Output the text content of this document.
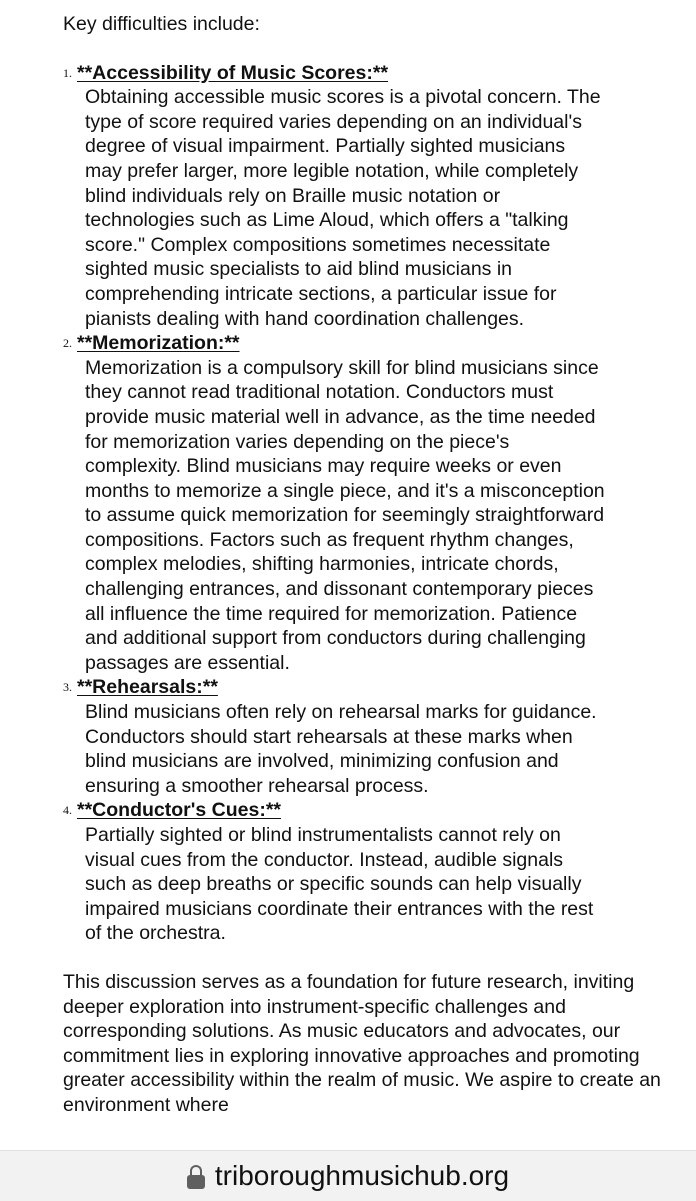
Key difficulties include:

1. **Accessibility of Music Scores:**
Obtaining accessible music scores is a pivotal concern. The type of score required varies depending on an individual's degree of visual impairment. Partially sighted musicians may prefer larger, more legible notation, while completely blind individuals rely on Braille music notation or technologies such as Lime Aloud, which offers a "talking score." Complex compositions sometimes necessitate sighted music specialists to aid blind musicians in comprehending intricate sections, a particular issue for pianists dealing with hand coordination challenges.
2. **Memorization:**
Memorization is a compulsory skill for blind musicians since they cannot read traditional notation. Conductors must provide music material well in advance, as the time needed for memorization varies depending on the piece's complexity. Blind musicians may require weeks or even months to memorize a single piece, and it's a misconception to assume quick memorization for seemingly straightforward compositions. Factors such as frequent rhythm changes, complex melodies, shifting harmonies, intricate chords, challenging entrances, and dissonant contemporary pieces all influence the time required for memorization. Patience and additional support from conductors during challenging passages are essential.
3. **Rehearsals:**
Blind musicians often rely on rehearsal marks for guidance. Conductors should start rehearsals at these marks when blind musicians are involved, minimizing confusion and ensuring a smoother rehearsal process.
4. **Conductor's Cues:**
Partially sighted or blind instrumentalists cannot rely on visual cues from the conductor. Instead, audible signals such as deep breaths or specific sounds can help visually impaired musicians coordinate their entrances with the rest of the orchestra.

This discussion serves as a foundation for future research, inviting deeper exploration into instrument-specific challenges and corresponding solutions. As music educators and advocates, our commitment lies in exploring innovative approaches and promoting greater accessibility within the realm of music. We aspire to create an environment where

triboroughmusichub.org
